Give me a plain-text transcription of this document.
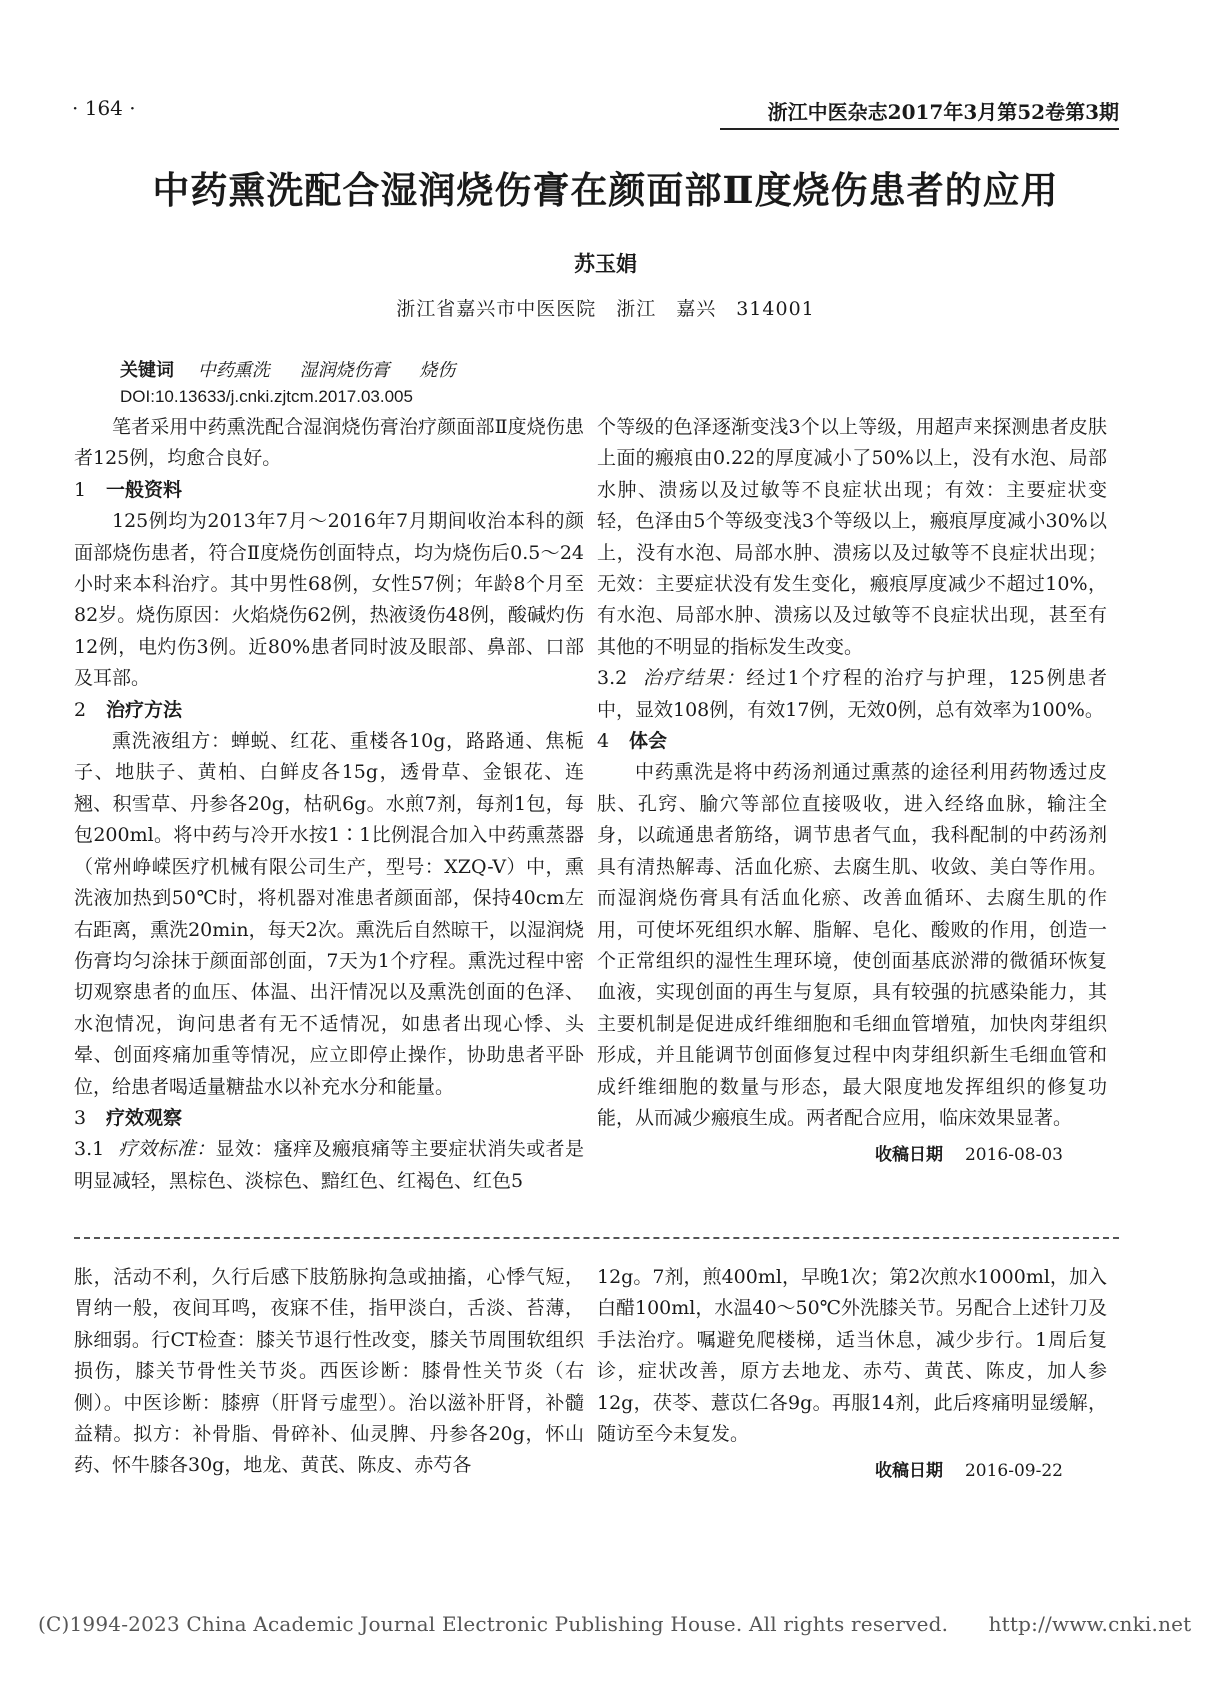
· 164 ·	浙江中医杂志2017年3月第52卷第3期
中药熏洗配合湿润烧伤膏在颜面部Ⅱ度烧伤患者的应用
苏玉娟
浙江省嘉兴市中医医院　浙江　嘉兴　314001
关键词 中药熏洗 湿润烧伤膏 烧伤
DOI:10.13633/j.cnki.zjtcm.2017.03.005

笔者采用中药熏洗配合湿润烧伤膏治疗颜面部Ⅱ度烧伤患者125例，均愈合良好。

1 一般资料

125例均为2013年7月～2016年7月期间收治本科的颜面部烧伤患者，符合Ⅱ度烧伤创面特点，均为烧伤后0.5～24小时来本科治疗。其中男性68例，女性57例；年龄8个月至82岁。烧伤原因：火焰烧伤62例，热液烫伤48例，酸碱灼伤12例，电灼伤3例。近80%患者同时波及眼部、鼻部、口部及耳部。

2 治疗方法

熏洗液组方：蝉蜕、红花、重楼各10g，路路通、焦栀子、地肤子、黄柏、白鲜皮各15g，透骨草、金银花、连翘、积雪草、丹参各20g，枯矾6g。水煎7剂，每剂1包，每包200ml。将中药与冷开水按1∶1比例混合加入中药熏蒸器（常州峥嵘医疗机械有限公司生产，型号：XZQ-V）中，熏洗液加热到50℃时，将机器对准患者颜面部，保持40cm左右距离，熏洗20min，每天2次。熏洗后自然晾干，以湿润烧伤膏均匀涂抹于颜面部创面，7天为1个疗程。熏洗过程中密切观察患者的血压、体温、出汗情况以及熏洗创面的色泽、水泡情况，询问患者有无不适情况，如患者出现心悸、头晕、创面疼痛加重等情况，应立即停止操作，协助患者平卧位，给患者喝适量糖盐水以补充水分和能量。

3 疗效观察

3.1 疗效标准：显效：瘙痒及瘢痕痛等主要症状消失或者是明显减轻，黑棕色、淡棕色、黯红色、红褐色、红色5

个等级的色泽逐渐变浅3个以上等级，用超声来探测患者皮肤上面的瘢痕由0.22的厚度减小了50%以上，没有水泡、局部水肿、溃疡以及过敏等不良症状出现；有效：主要症状变轻，色泽由5个等级变浅3个等级以上，瘢痕厚度减小30%以上，没有水泡、局部水肿、溃疡以及过敏等不良症状出现；无效：主要症状没有发生变化，瘢痕厚度减少不超过10%，有水泡、局部水肿、溃疡以及过敏等不良症状出现，甚至有其他的不明显的指标发生改变。

3.2 治疗结果：经过1个疗程的治疗与护理，125例患者中，显效108例，有效17例，无效0例，总有效率为100%。

4 体会

中药熏洗是将中药汤剂通过熏蒸的途径利用药物透过皮肤、孔窍、腧穴等部位直接吸收，进入经络血脉，输注全身，以疏通患者筋络，调节患者气血，我科配制的中药汤剂具有清热解毒、活血化瘀、去腐生肌、收敛、美白等作用。而湿润烧伤膏具有活血化瘀、改善血循环、去腐生肌的作用，可使坏死组织水解、脂解、皂化、酸败的作用，创造一个正常组织的湿性生理环境，使创面基底淤滞的微循环恢复血液，实现创面的再生与复原，具有较强的抗感染能力，其主要机制是促进成纤维细胞和毛细血管增殖，加快肉芽组织形成，并且能调节创面修复过程中肉芽组织新生毛细血管和成纤维细胞的数量与形态，最大限度地发挥组织的修复功能，从而减少瘢痕生成。两者配合应用，临床效果显著。

收稿日期 2016-08-03

胀，活动不利，久行后感下肢筋脉拘急或抽搐，心悸气短，胃纳一般，夜间耳鸣，夜寐不佳，指甲淡白，舌淡、苔薄，脉细弱。行CT检查：膝关节退行性改变，膝关节周围软组织损伤，膝关节骨性关节炎。西医诊断：膝骨性关节炎（右侧）。中医诊断：膝痹（肝肾亏虚型）。治以滋补肝肾，补髓益精。拟方：补骨脂、骨碎补、仙灵脾、丹参各20g，怀山药、怀牛膝各30g，地龙、黄芪、陈皮、赤芍各

12g。7剂，煎400ml，早晚1次；第2次煎水1000ml，加入白醋100ml，水温40～50℃外洗膝关节。另配合上述针刀及手法治疗。嘱避免爬楼梯，适当休息，减少步行。1周后复诊，症状改善，原方去地龙、赤芍、黄芪、陈皮，加人参12g，茯苓、薏苡仁各9g。再服14剂，此后疼痛明显缓解，随访至今未复发。

收稿日期 2016-09-22
(C)1994-2023 China Academic Journal Electronic Publishing House. All rights reserved.　　http://www.cnki.net
